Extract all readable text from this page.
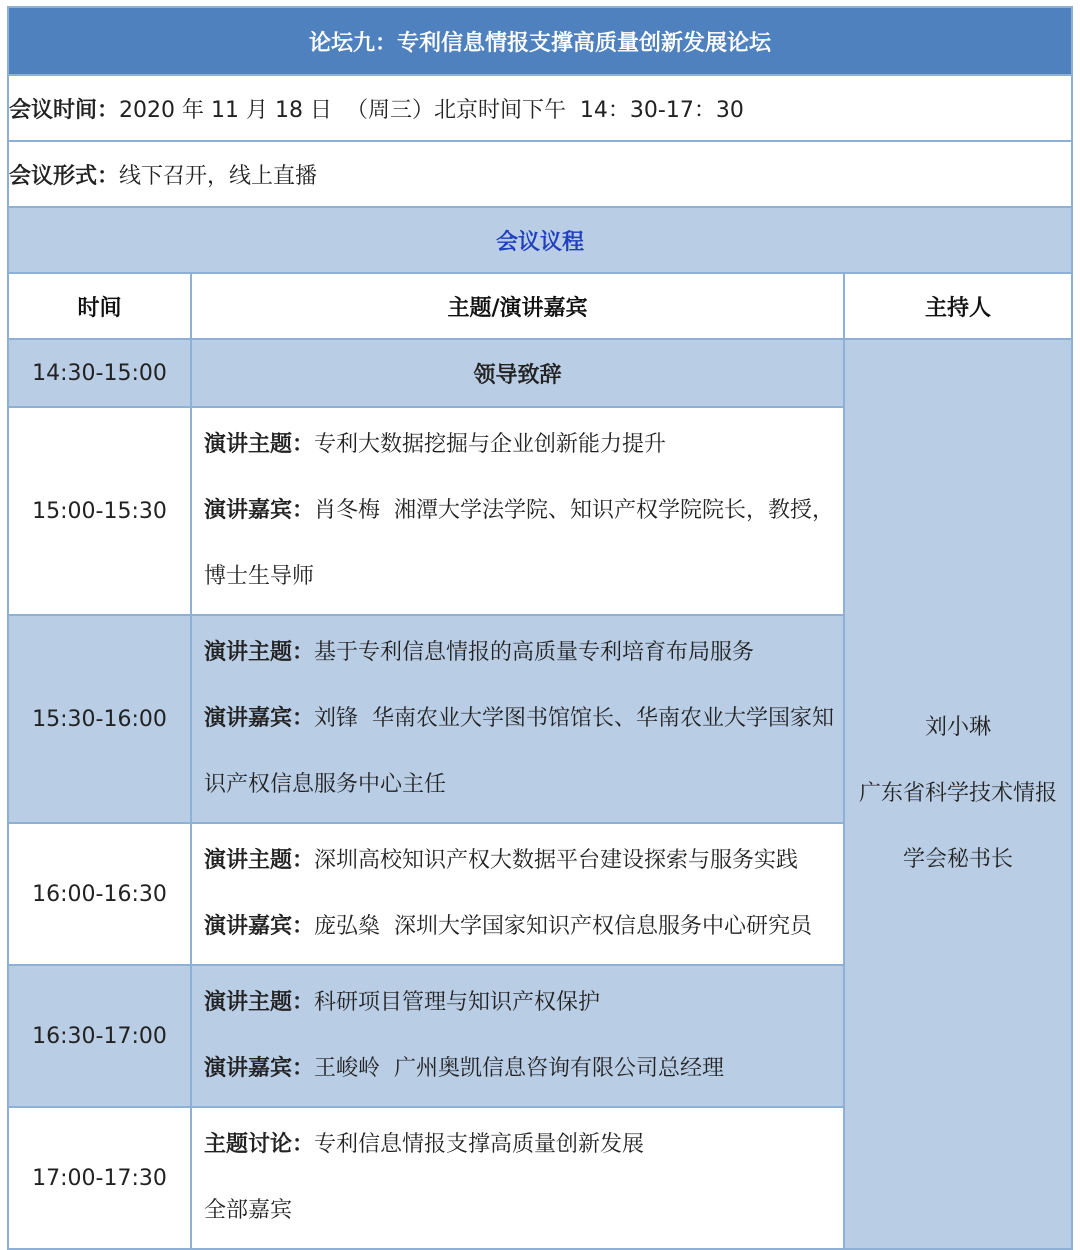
论坛九：专利信息情报支撑高质量创新发展论坛		
会议时间：2020 年 11 月 18 日  （周三）北京时间下午  14：30-17：30		
会议形式：线下召开，线上直播		
会议议程		
时间	主题/演讲嘉宾	主持人
14:30-15:00	领导致辞	刘小琳
广东省科学技术情报
学会秘书长

15:00-15:30	演讲主题：专利大数据挖掘与企业创新能力提升
演讲嘉宾：肖冬梅  湘潭大学法学院、知识产权学院院长，教授，
博士生导师	

15:30-16:00	演讲主题：基于专利信息情报的高质量专利培育布局服务
演讲嘉宾：刘锋  华南农业大学图书馆馆长、华南农业大学国家知
识产权信息服务中心主任	

16:00-16:30	演讲主题：深圳高校知识产权大数据平台建设探索与服务实践
演讲嘉宾：庞弘燊  深圳大学国家知识产权信息服务中心研究员	

16:30-17:00	演讲主题：科研项目管理与知识产权保护
演讲嘉宾：王峻岭  广州奥凯信息咨询有限公司总经理	

17:00-17:30	主题讨论：专利信息情报支撑高质量创新发展
全部嘉宾	
